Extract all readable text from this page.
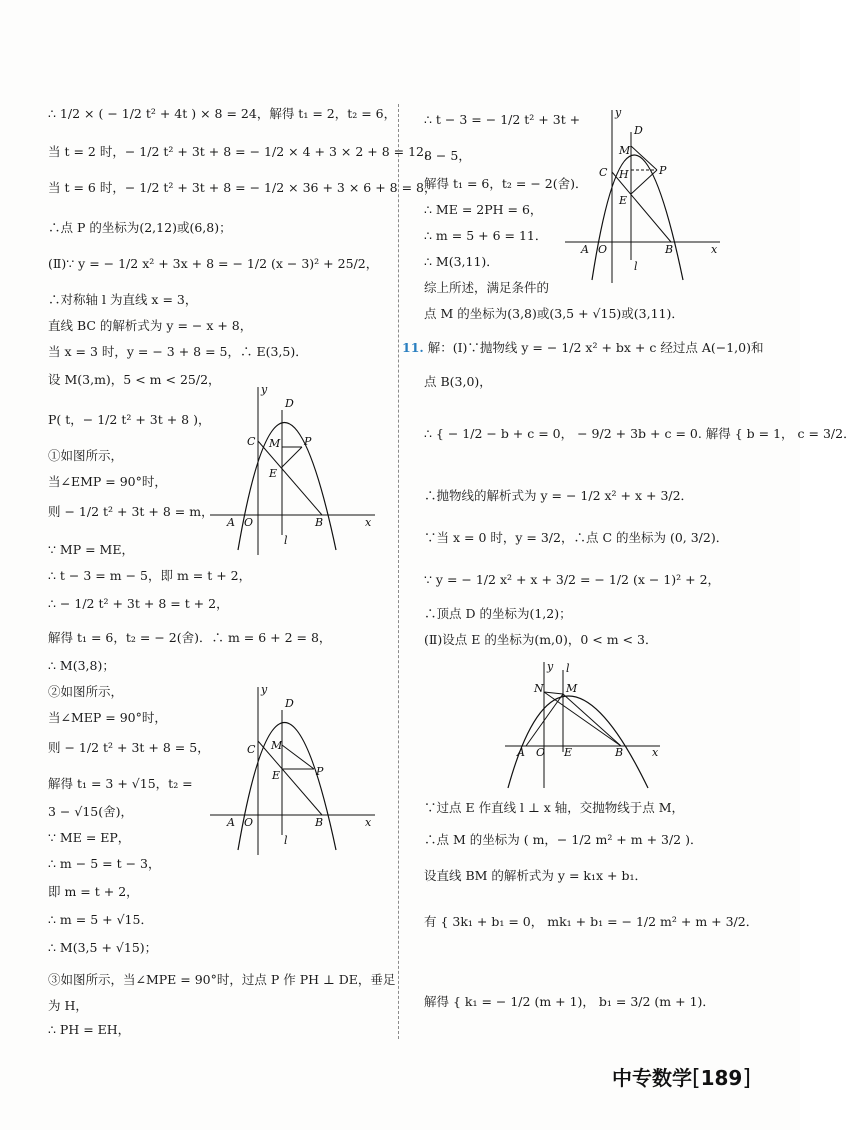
∴ 1/2 × ( − 1/2 t² + 4t ) × 8 = 24，解得 t₁ = 2，t₂ = 6，
当 t = 2 时，− 1/2 t² + 3t + 8 = − 1/2 × 4 + 3 × 2 + 8 = 12，
当 t = 6 时，− 1/2 t² + 3t + 8 = − 1/2 × 36 + 3 × 6 + 8 = 8，
∴点 P 的坐标为(2,12)或(6,8)；
(Ⅱ)∵ y = − 1/2 x² + 3x + 8 = − 1/2 (x − 3)² + 25/2，
∴对称轴 l 为直线 x = 3，
直线 BC 的解析式为 y = − x + 8，
当 x = 3 时，y = − 3 + 8 = 5，∴ E(3,5)．
设 M(3,m)，5 < m < 25/2，
P( t，− 1/2 t² + 3t + 8 )，
①如图所示，
当∠EMP = 90°时，
则 − 1/2 t² + 3t + 8 = m，
∵ MP = ME，
∴ t − 3 = m − 5，即 m = t + 2，
∴ − 1/2 t² + 3t + 8 = t + 2，
解得 t₁ = 6，t₂ = − 2(舍)．∴ m = 6 + 2 = 8，
∴ M(3,8)；
②如图所示，
当∠MEP = 90°时，
则 − 1/2 t² + 3t + 8 = 5，
解得 t₁ = 3 + √15，t₂ =
3 − √15(舍)，
∵ ME = EP，
∴ m − 5 = t − 3，
即 m = t + 2，
∴ m = 5 + √15．
∴ M(3,5 + √15)；
③如图所示，当∠MPE = 90°时，过点 P 作 PH ⊥ DE，垂足
为 H，
∴ PH = EH，
∴ t − 3 = − 1/2 t² + 3t +
8 − 5，
解得 t₁ = 6，t₂ = − 2(舍)．
∴ ME = 2PH = 6，
∴ m = 5 + 6 = 11．
∴ M(3,11)．
综上所述，满足条件的
点 M 的坐标为(3,8)或(3,5 + √15)或(3,11)．
11. 解：(Ⅰ)∵抛物线 y = − 1/2 x² + bx + c 经过点 A(−1,0)和
点 B(3,0)，
∴ { − 1/2 − b + c = 0， − 9/2 + 3b + c = 0. 解得 { b = 1， c = 3/2．
∴抛物线的解析式为 y = − 1/2 x² + x + 3/2．
∵当 x = 0 时，y = 3/2，∴点 C 的坐标为 (0, 3/2)．
∵ y = − 1/2 x² + x + 3/2 = − 1/2 (x − 1)² + 2，
∴顶点 D 的坐标为(1,2)；
(Ⅱ)设点 E 的坐标为(m,0)，0 < m < 3．
∵过点 E 作直线 l ⊥ x 轴，交抛物线于点 M，
∴点 M 的坐标为 ( m，− 1/2 m² + m + 3/2 )．
设直线 BM 的解析式为 y = k₁x + b₁．
有 { 3k₁ + b₁ = 0， mk₁ + b₁ = − 1/2 m² + m + 3/2．
解得 { k₁ = − 1/2 (m + 1)， b₁ = 3/2 (m + 1)．
y
D
C M P
E
A O	B	x
l
y
D
C M
E	P
A O	B	x
l
y
D
C
M
H	P
E
A O	B	x
l
y l
N M
A O E	B	x
中专数学[189]
